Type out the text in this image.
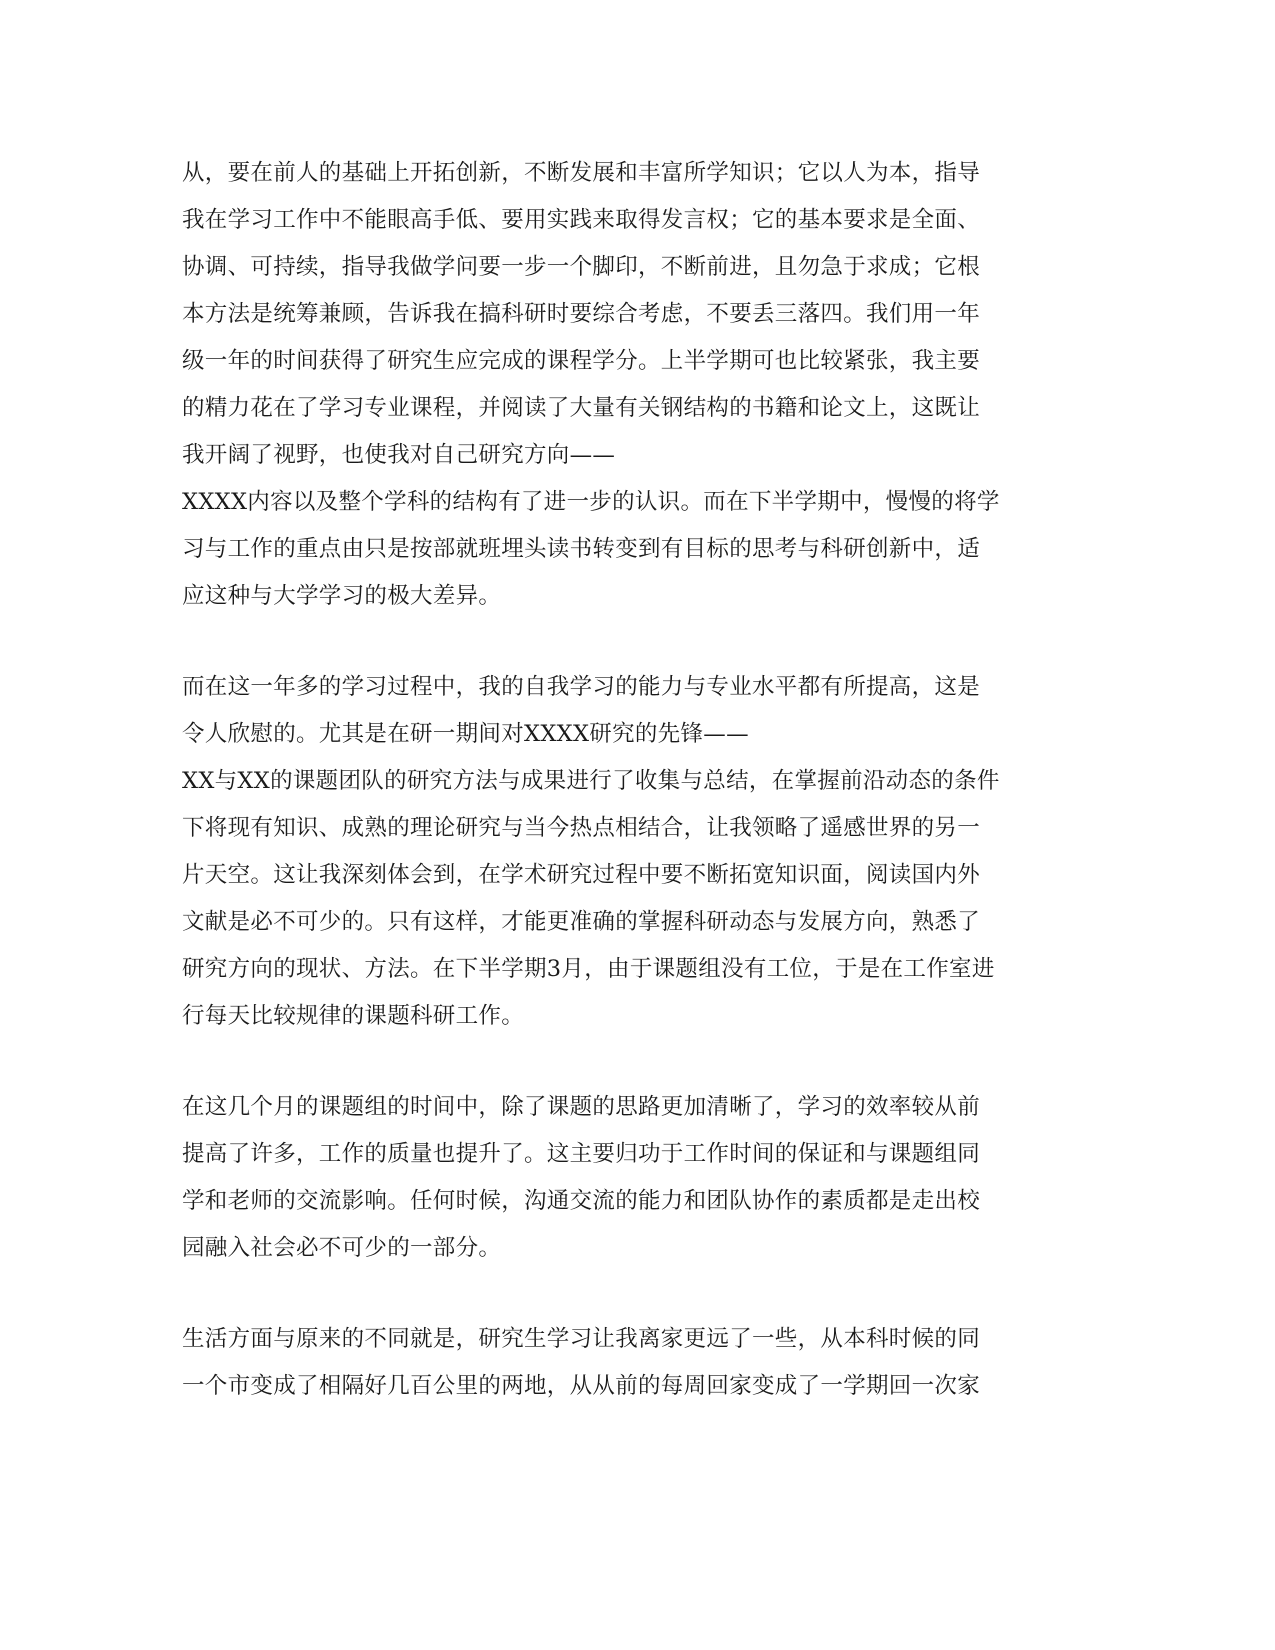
从，要在前人的基础上开拓创新，不断发展和丰富所学知识；它以人为本，指导
我在学习工作中不能眼高手低、要用实践来取得发言权；它的基本要求是全面、
协调、可持续，指导我做学问要一步一个脚印，不断前进，且勿急于求成；它根
本方法是统筹兼顾，告诉我在搞科研时要综合考虑，不要丢三落四。我们用一年
级一年的时间获得了研究生应完成的课程学分。上半学期可也比较紧张，我主要
的精力花在了学习专业课程，并阅读了大量有关钢结构的书籍和论文上，这既让
我开阔了视野，也使我对自己研究方向——
XXXX内容以及整个学科的结构有了进一步的认识。而在下半学期中，慢慢的将学
习与工作的重点由只是按部就班埋头读书转变到有目标的思考与科研创新中，适
应这种与大学学习的极大差异。
而在这一年多的学习过程中，我的自我学习的能力与专业水平都有所提高，这是
令人欣慰的。尤其是在研一期间对XXXX研究的先锋——
XX与XX的课题团队的研究方法与成果进行了收集与总结，在掌握前沿动态的条件
下将现有知识、成熟的理论研究与当今热点相结合，让我领略了遥感世界的另一
片天空。这让我深刻体会到，在学术研究过程中要不断拓宽知识面，阅读国内外
文献是必不可少的。只有这样，才能更准确的掌握科研动态与发展方向，熟悉了
研究方向的现状、方法。在下半学期3月，由于课题组没有工位，于是在工作室进
行每天比较规律的课题科研工作。
在这几个月的课题组的时间中，除了课题的思路更加清晰了，学习的效率较从前
提高了许多，工作的质量也提升了。这主要归功于工作时间的保证和与课题组同
学和老师的交流影响。任何时候，沟通交流的能力和团队协作的素质都是走出校
园融入社会必不可少的一部分。
生活方面与原来的不同就是，研究生学习让我离家更远了一些，从本科时候的同
一个市变成了相隔好几百公里的两地，从从前的每周回家变成了一学期回一次家
